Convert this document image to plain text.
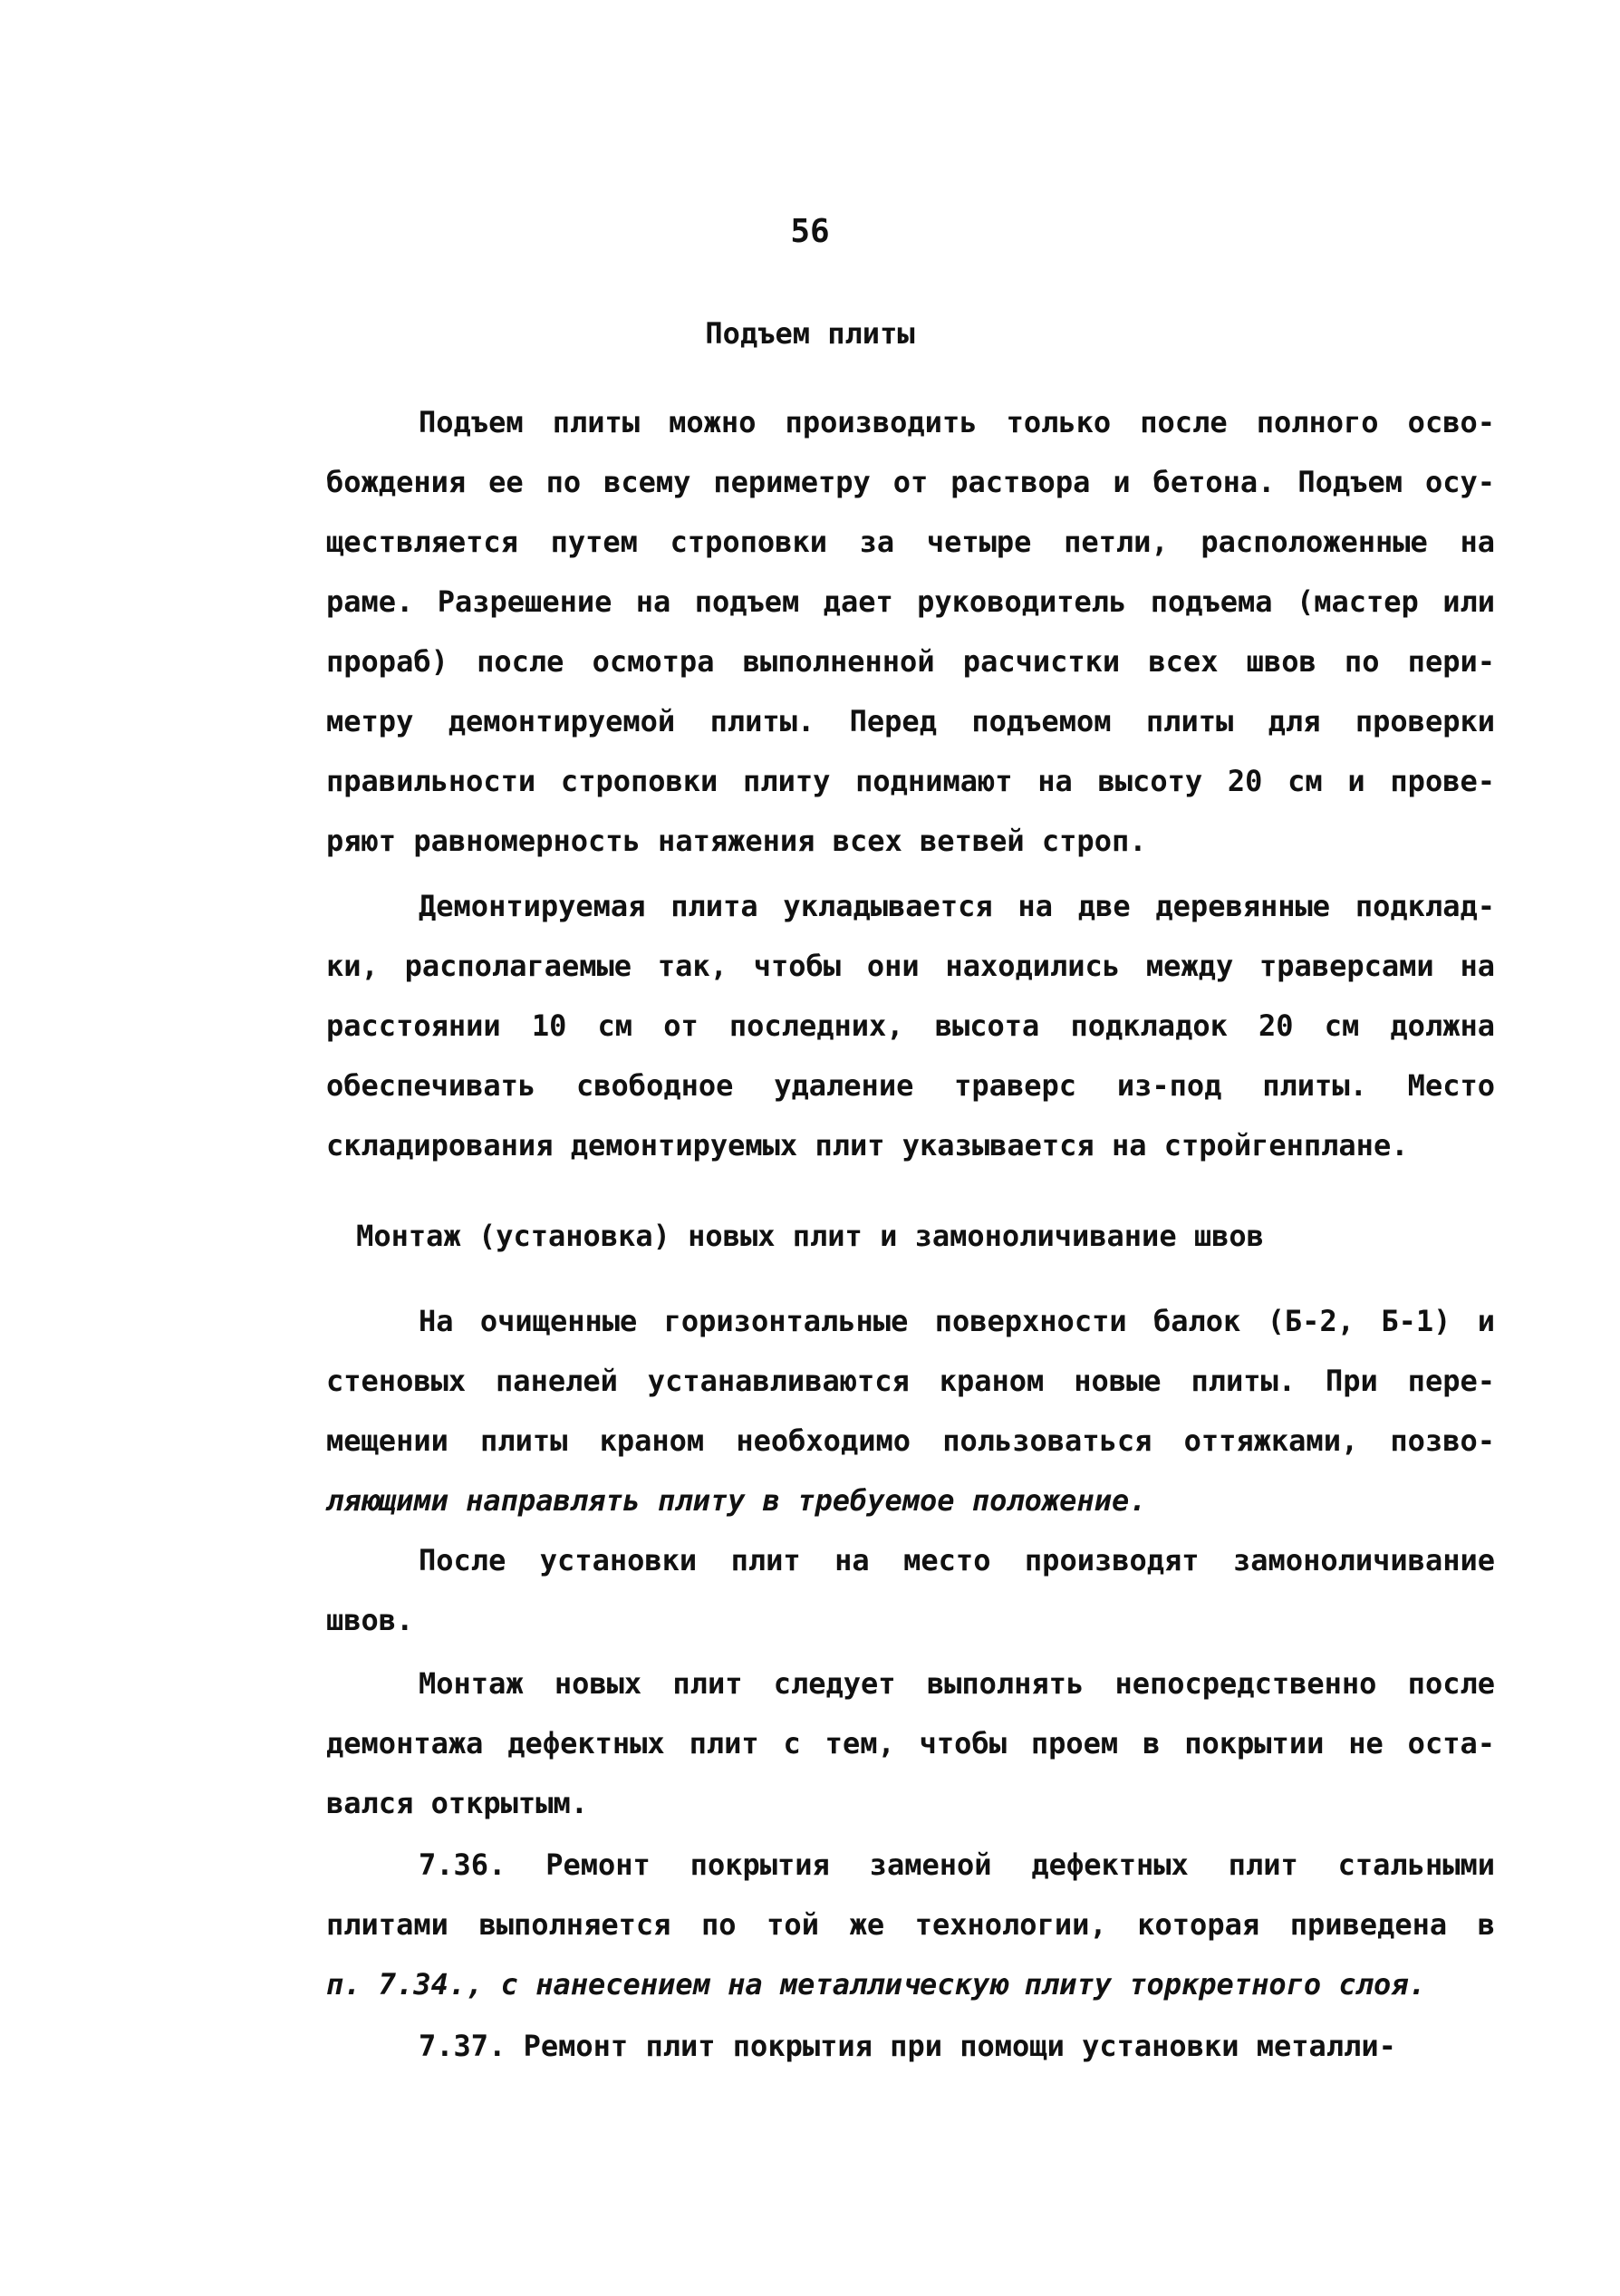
56
Подъем плиты
Подъем плиты можно производить только после полного осво-
бождения ее по всему периметру от раствора и бетона. Подъем осу-
ществляется путем строповки за четыре петли, расположенные на
раме. Разрешение на подъем дает руководитель подъема (мастер или
прораб) после осмотра выполненной расчистки всех швов по пери-
метру демонтируемой плиты. Перед подъемом плиты для проверки
правильности строповки плиту поднимают на высоту 20 см и прове-
ряют равномерность натяжения всех ветвей строп.
Демонтируемая плита укладывается на две деревянные подклад-
ки, располагаемые так, чтобы они находились между траверсами на
расстоянии 10 см от последних, высота подкладок 20 см должна
обеспечивать свободное удаление траверс из-под плиты. Место
складирования демонтируемых плит указывается на стройгенплане.
Монтаж (установка) новых плит и замоноличивание швов
На очищенные горизонтальные поверхности балок (Б-2, Б-1) и
стеновых панелей устанавливаются краном новые плиты. При пере-
мещении плиты краном необходимо пользоваться оттяжками, позво-
ляющими направлять плиту в требуемое положение.
После установки плит на место производят замоноличивание
швов.
Монтаж новых плит следует выполнять непосредственно после
демонтажа дефектных плит с тем, чтобы проем в покрытии не оста-
вался открытым.
7.36. Ремонт покрытия заменой дефектных плит стальными
плитами выполняется по той же технологии, которая приведена в
п. 7.34., с нанесением на металлическую плиту торкретного слоя.
7.37. Ремонт плит покрытия при помощи установки металли-
